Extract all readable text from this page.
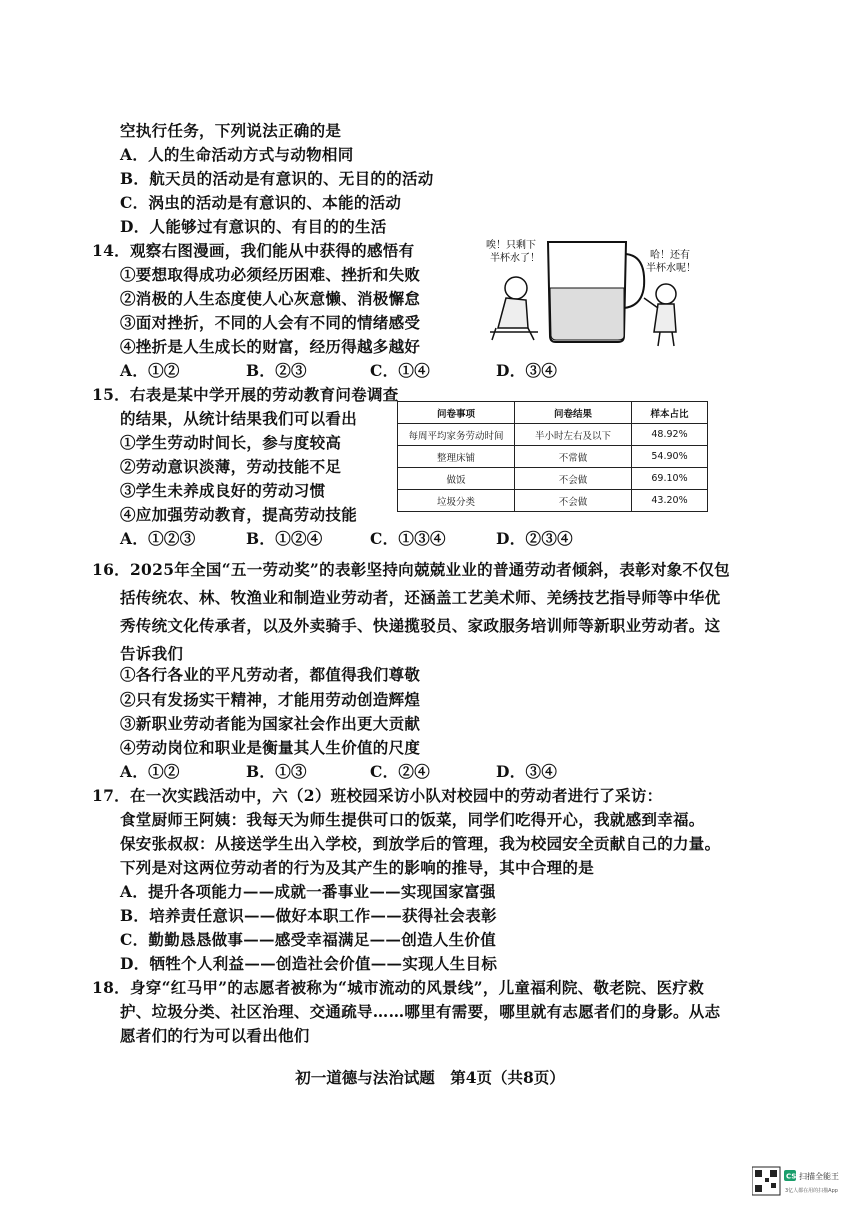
空执行任务，下列说法正确的是
A．人的生命活动方式与动物相同
B．航天员的活动是有意识的、无目的的活动
C．涡虫的活动是有意识的、本能的活动
D．人能够过有意识的、有目的的生活
14．观察右图漫画，我们能从中获得的感悟有
①要想取得成功必须经历困难、挫折和失败
②消极的人生态度使人心灰意懒、消极懈怠
③面对挫折，不同的人会有不同的情绪感受
④挫折是人生成长的财富，经历得越多越好
A．①②	B．②③	C．①④	D．③④
唉！只剩下
半杯水了！	哈！还有
半杯水呢！
15．右表是某中学开展的劳动教育问卷调查
的结果，从统计结果我们可以看出
①学生劳动时间长，参与度较高
②劳动意识淡薄，劳动技能不足
③学生未养成良好的劳动习惯
④应加强劳动教育，提高劳动技能
A．①②③	B．①②④	C．①③④	D．②③④
问卷事项	问卷结果	样本占比
每周平均家务劳动时间	半小时左右及以下	48.92%
整理床铺	不常做	54.90%
做饭	不会做	69.10%
垃圾分类	不会做	43.20%
16．2025年全国“五一劳动奖”的表彰坚持向兢兢业业的普通劳动者倾斜，表彰对象不仅包
括传统农、林、牧渔业和制造业劳动者，还涵盖工艺美术师、羌绣技艺指导师等中华优
秀传统文化传承者，以及外卖骑手、快递揽驳员、家政服务培训师等新职业劳动者。这
告诉我们
①各行各业的平凡劳动者，都值得我们尊敬
②只有发扬实干精神，才能用劳动创造辉煌
③新职业劳动者能为国家社会作出更大贡献
④劳动岗位和职业是衡量其人生价值的尺度
A．①②	B．①③	C．②④	D．③④
17．在一次实践活动中，六（2）班校园采访小队对校园中的劳动者进行了采访：
食堂厨师王阿姨：我每天为师生提供可口的饭菜，同学们吃得开心，我就感到幸福。
保安张叔叔：从接送学生出入学校，到放学后的管理，我为校园安全贡献自己的力量。
下列是对这两位劳动者的行为及其产生的影响的推导，其中合理的是
A．提升各项能力——成就一番事业——实现国家富强
B．培养责任意识——做好本职工作——获得社会表彰
C．勤勤恳恳做事——感受幸福满足——创造人生价值
D．牺牲个人利益——创造社会价值——实现人生目标
18．身穿“红马甲”的志愿者被称为“城市流动的风景线”，儿童福利院、敬老院、医疗救
护、垃圾分类、社区治理、交通疏导……哪里有需要，哪里就有志愿者们的身影。从志
愿者们的行为可以看出他们
初一道德与法治试题　第4页（共8页）
CS 扫描全能王
3亿人都在用的扫描App
